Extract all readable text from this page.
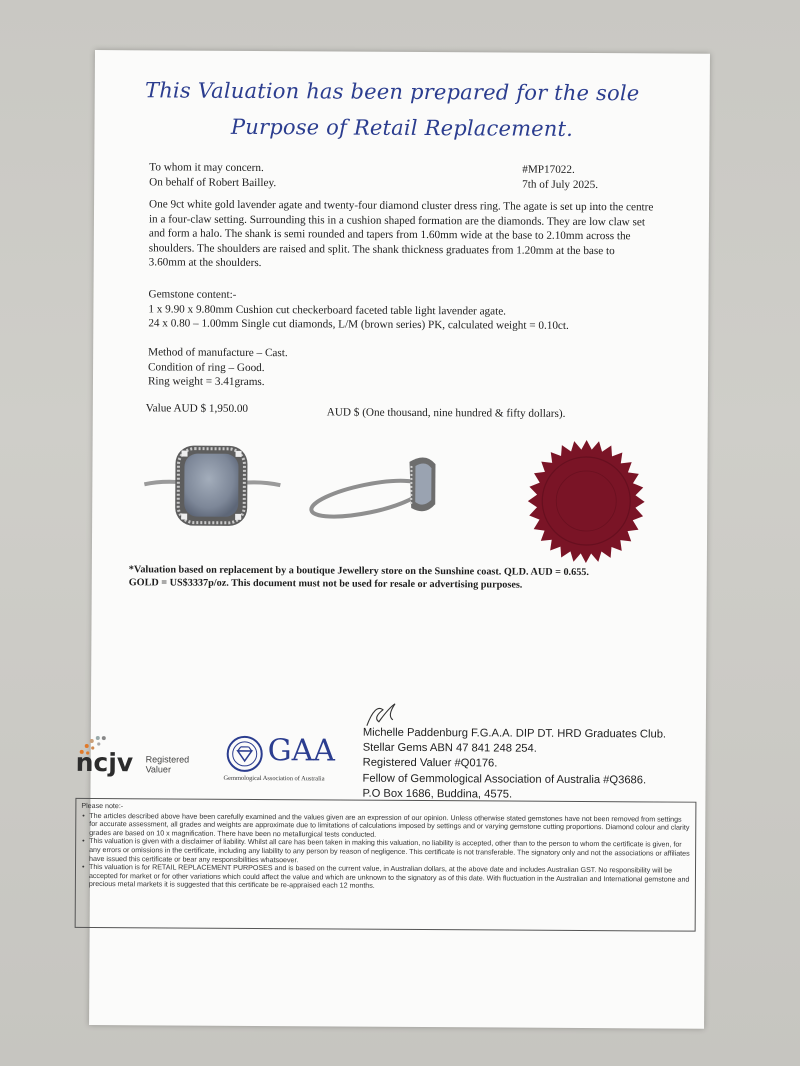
This Valuation has been prepared for the sole
Purpose of Retail Replacement.
To whom it may concern.
On behalf of Robert Bailley.
#MP17022.
7th of July 2025.
One 9ct white gold lavender agate and twenty-four diamond cluster dress ring. The agate is set up into the centre in a four-claw setting. Surrounding this in a cushion shaped formation are the diamonds. They are low claw set and form a halo. The shank is semi rounded and tapers from 1.60mm wide at the base to 2.10mm across the shoulders. The shoulders are raised and split. The shank thickness graduates from 1.20mm at the base to 3.60mm at the shoulders.
Gemstone content:-
1 x 9.90 x 9.80mm Cushion cut checkerboard faceted table light lavender agate.
24 x 0.80 – 1.00mm Single cut diamonds, L/M (brown series) PK, calculated weight = 0.10ct.
Method of manufacture – Cast.
Condition of ring – Good.
Ring weight = 3.41grams.
Value AUD $ 1,950.00	AUD $ (One thousand, nine hundred & fifty dollars).
*Valuation based on replacement by a boutique Jewellery store on the Sunshine coast. QLD. AUD = 0.655.
GOLD = US$3337p/oz. This document must not be used for resale or advertising purposes.
Michelle Paddenburg F.G.A.A. DIP DT. HRD Graduates Club.
Stellar Gems ABN 47 841 248 254.
Registered Valuer #Q0176.
Fellow of Gemmological Association of Australia #Q3686.
P.O Box 1686, Buddina, 4575.
ncjv Registered
Valuer
GAA
Gemmological Association of Australia
Please note:-
• The articles described above have been carefully examined and the values given are an expression of our opinion. Unless otherwise stated gemstones have not been removed from settings for accurate assessment, all grades and weights are approximate due to limitations of calculations imposed by settings and or varying gemstone cutting proportions. Diamond colour and clarity grades are based on 10 x magnification. There have been no metallurgical tests conducted.
• This valuation is given with a disclaimer of liability. Whilst all care has been taken in making this valuation, no liability is accepted, other than to the person to whom the certificate is given, for any errors or omissions in the certificate, including any liability to any person by reason of negligence. This certificate is not transferable. The signatory only and not the associations or affiliates have issued this certificate or bear any responsibilities whatsoever.
• This valuation is for RETAIL REPLACEMENT PURPOSES and is based on the current value, in Australian dollars, at the above date and includes Australian GST. No responsibility will be accepted for market or for other variations which could affect the value and which are unknown to the signatory as of this date. With fluctuation in the Australian and International gemstone and precious metal markets it is suggested that this certificate be re-appraised each 12 months.
